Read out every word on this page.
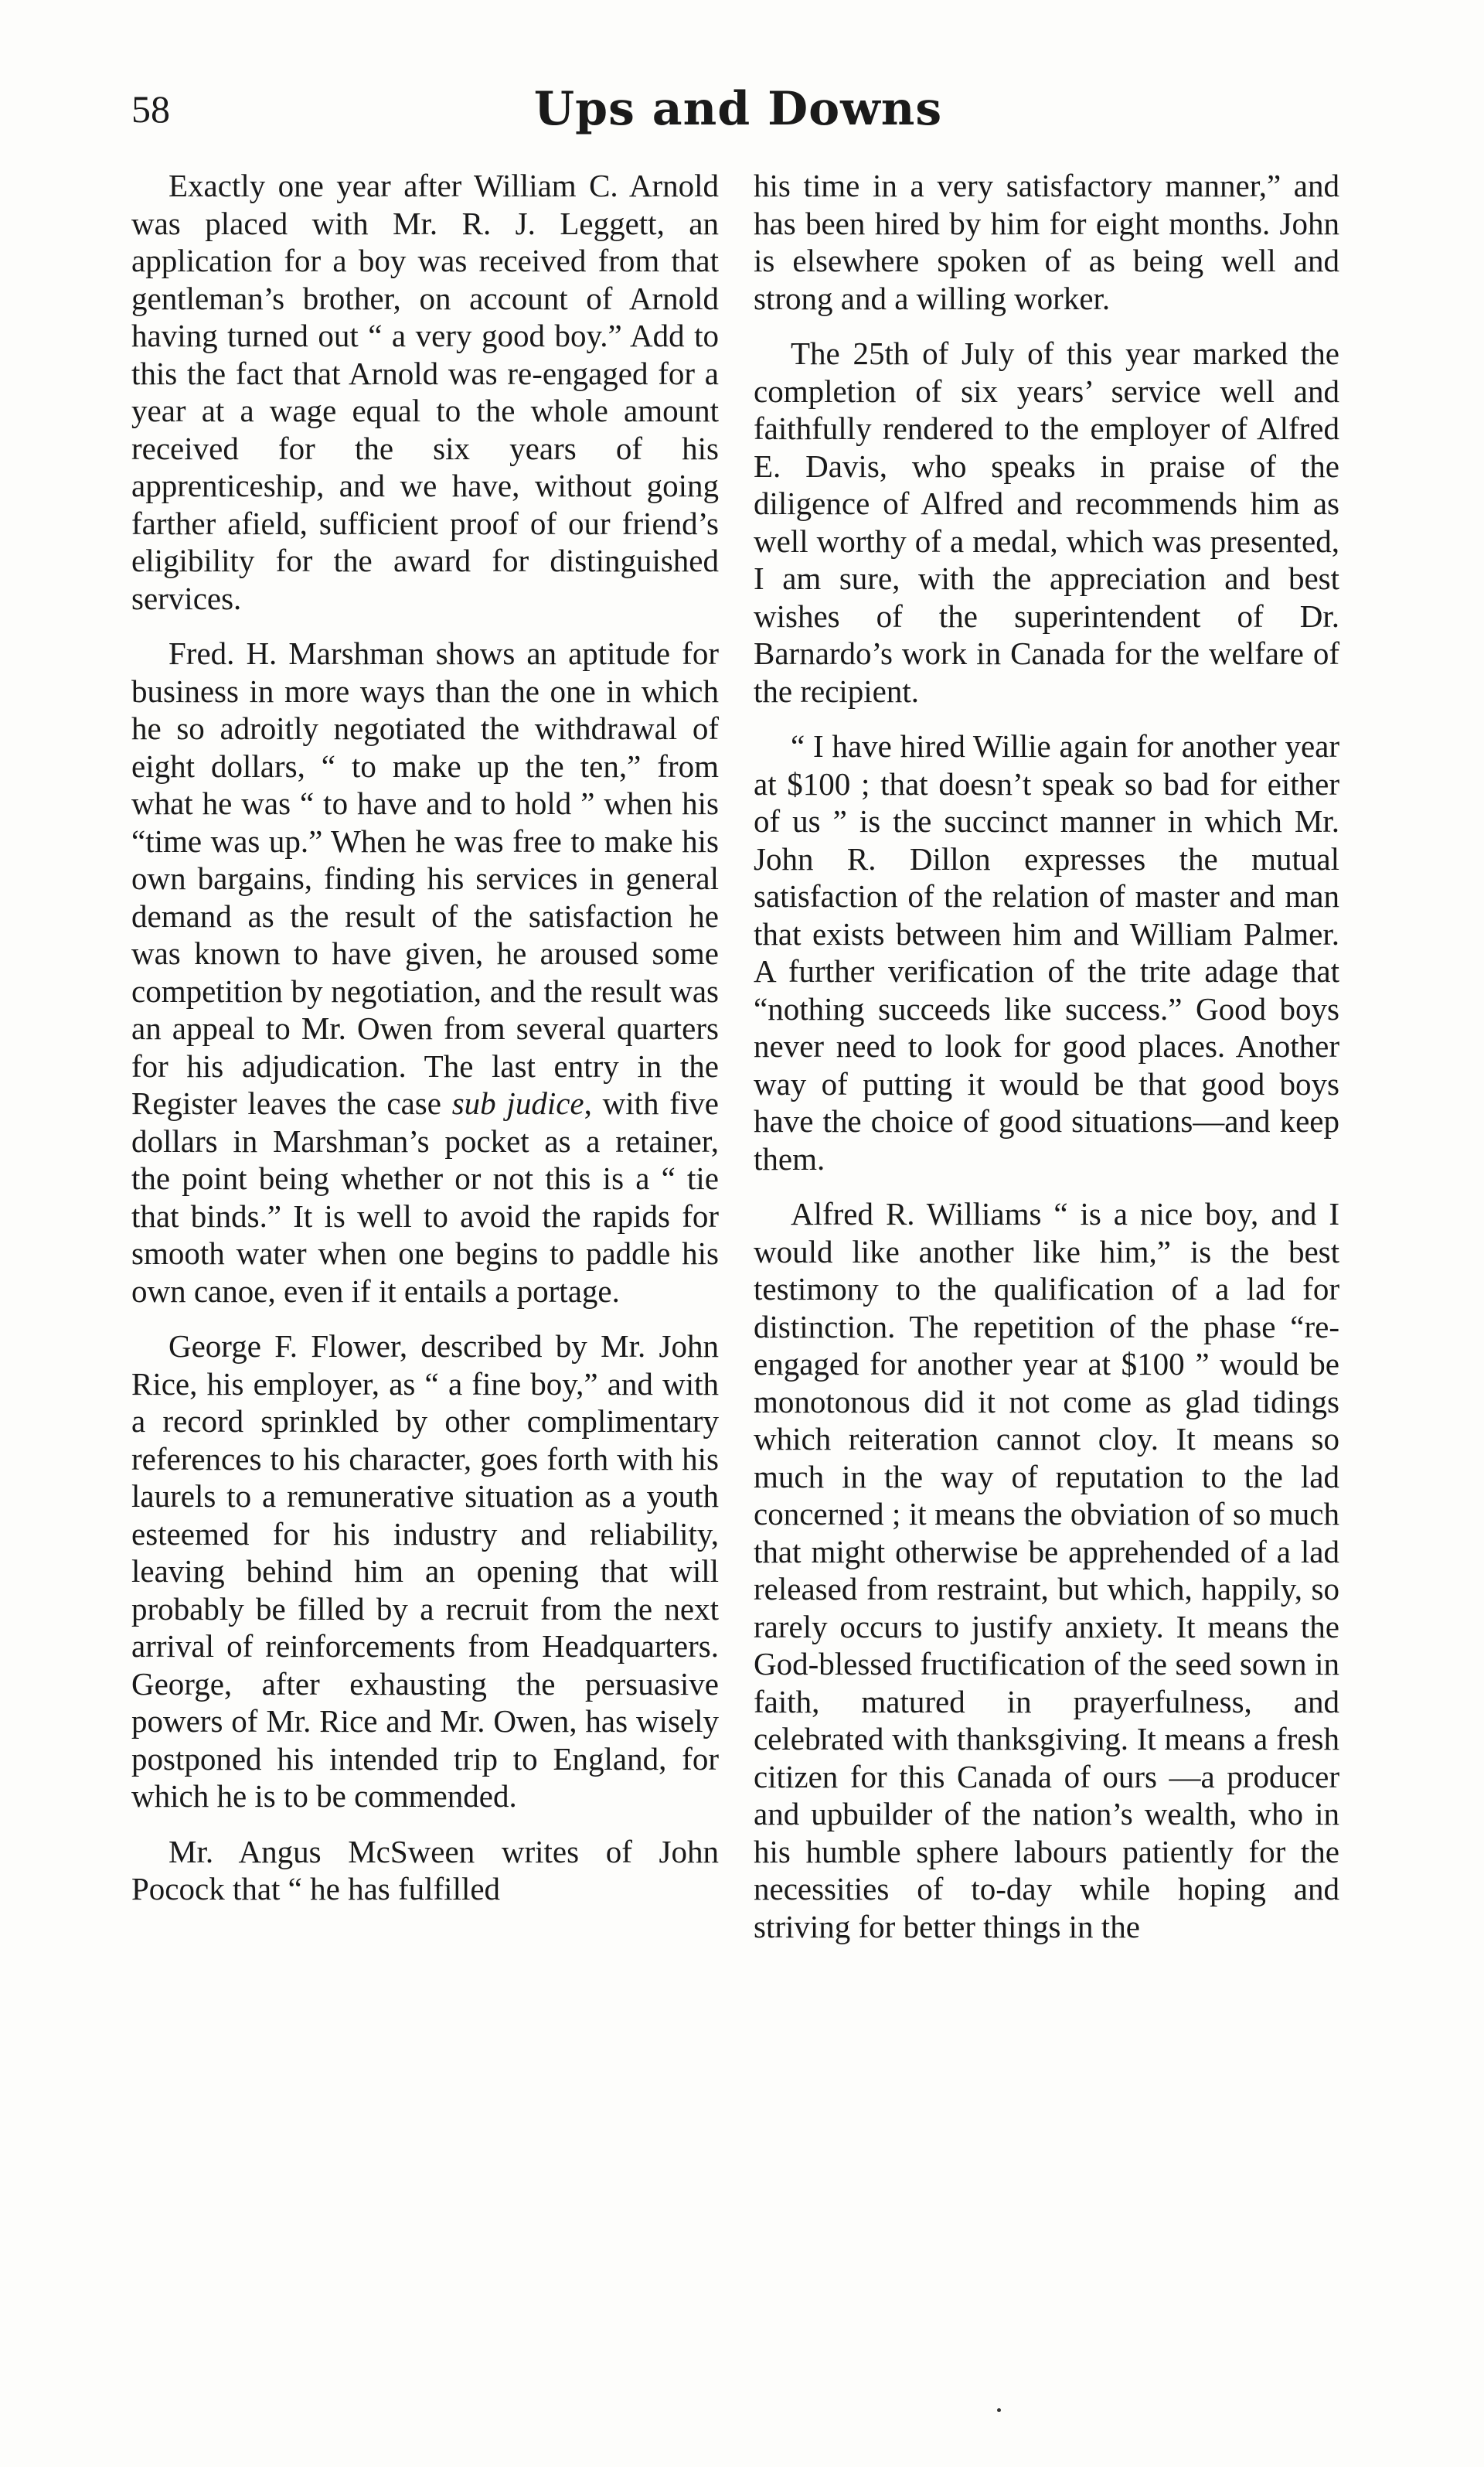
58	Ups and Downs

Exactly one year after William C. Arnold was placed with Mr. R. J. Leggett, an application for a boy was received from that gentleman’s brother, on account of Arnold having turned out “ a very good boy.” Add to this the fact that Arnold was re-engaged for a year at a wage equal to the whole amount received for the six years of his apprenticeship, and we have, without going farther afield, sufficient proof of our friend’s eligibility for the award for distinguished services.

Fred. H. Marshman shows an aptitude for business in more ways than the one in which he so adroitly negotiated the withdrawal of eight dollars, “ to make up the ten,” from what he was “ to have and to hold ” when his “time was up.” When he was free to make his own bargains, finding his services in general demand as the result of the satisfaction he was known to have given, he aroused some competition by negotiation, and the result was an appeal to Mr. Owen from several quarters for his adjudication. The last entry in the Register leaves the case sub judice, with five dollars in Marshman’s pocket as a retainer, the point being whether or not this is a “ tie that binds.” It is well to avoid the rapids for smooth water when one begins to paddle his own canoe, even if it entails a portage.

George F. Flower, described by Mr. John Rice, his employer, as “ a fine boy,” and with a record sprinkled by other complimentary references to his character, goes forth with his laurels to a remunerative situation as a youth esteemed for his industry and reliability, leaving behind him an opening that will probably be filled by a recruit from the next arrival of reinforcements from Headquarters. George, after exhausting the persuasive powers of Mr. Rice and Mr. Owen, has wisely postponed his intended trip to England, for which he is to be commended.

Mr. Angus McSween writes of John Pocock that “ he has fulfilled

his time in a very satisfactory manner,” and has been hired by him for eight months. John is elsewhere spoken of as being well and strong and a willing worker.

The 25th of July of this year marked the completion of six years’ service well and faithfully rendered to the employer of Alfred E. Davis, who speaks in praise of the diligence of Alfred and recommends him as well worthy of a medal, which was presented, I am sure, with the appreciation and best wishes of the superintendent of Dr. Barnardo’s work in Canada for the welfare of the recipient.

“ I have hired Willie again for another year at $100 ; that doesn’t speak so bad for either of us ” is the succinct manner in which Mr. John R. Dillon expresses the mutual satisfaction of the relation of master and man that exists between him and William Palmer. A further verification of the trite adage that “nothing succeeds like success.” Good boys never need to look for good places. Another way of putting it would be that good boys have the choice of good situations—and keep them.

Alfred R. Williams “ is a nice boy, and I would like another like him,” is the best testimony to the qualification of a lad for distinction. The repetition of the phase “re-engaged for another year at $100 ” would be monotonous did it not come as glad tidings which reiteration cannot cloy. It means so much in the way of reputation to the lad concerned ; it means the obviation of so much that might otherwise be apprehended of a lad released from restraint, but which, happily, so rarely occurs to justify anxiety. It means the God-blessed fructification of the seed sown in faith, matured in prayerfulness, and celebrated with thanksgiving. It means a fresh citizen for this Canada of ours —a producer and upbuilder of the nation’s wealth, who in his humble sphere labours patiently for the necessities of to-day while hoping and striving for better things in the
